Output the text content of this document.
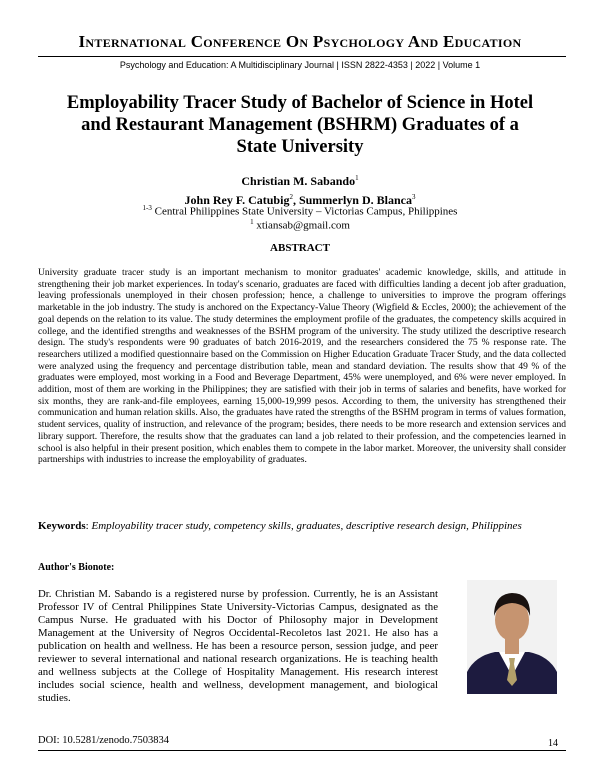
International Conference On Psychology And Education
Psychology and Education: A Multidisciplinary Journal | ISSN 2822-4353 | 2022 | Volume 1
Employability Tracer Study of Bachelor of Science in Hotel and Restaurant Management (BSHRM) Graduates of a State University
Christian M. Sabando$^1$
John Rey F. Catubig$^2$, Summerlyn D. Blanca$^3$
$^{1-3}$ Central Philippines State University – Victorias Campus, Philippines
$^1$ xtiansab@gmail.com
ABSTRACT

University graduate tracer study is an important mechanism to monitor graduates' academic knowledge, skills, and attitude in strengthening their job market experiences. In today's scenario, graduates are faced with difficulties landing a decent job after graduation, leaving professionals unemployed in their chosen profession; hence, a challenge to universities to improve the program offerings marketable in the job industry. The study is anchored on the Expectancy-Value Theory (Wigfield & Eccles, 2000); the achievement of the goal depends on the relation to its value. The study determines the employment profile of the graduates, the competency skills acquired in college, and the identified strengths and weaknesses of the BSHM program of the university. The study utilized the descriptive research design. The study's respondents were 90 graduates of batch 2016-2019, and the researchers considered the 75 % response rate. The researchers utilized a modified questionnaire based on the Commission on Higher Education Graduate Tracer Study, and the data collected were analyzed using the frequency and percentage distribution table, mean and standard deviation. The results show that 49 % of the graduates were employed, most working in a Food and Beverage Department, 45% were unemployed, and 6% were never employed. In addition, most of them are working in the Philippines; they are satisfied with their job in terms of salaries and benefits, have worked for six months, they are rank-and-file employees, earning 15,000-19,999 pesos. According to them, the university has strengthened their communication and human relation skills. Also, the graduates have rated the strengths of the BSHM program in terms of values formation, student services, quality of instruction, and relevance of the program; besides, there needs to be more research and extension services and library support. Therefore, the results show that the graduates can land a job related to their profession, and the competencies learned in school is also helpful in their present position, which enables them to compete in the labor market. Moreover, the university shall consider partnerships with industries to increase the employability of graduates.

Keywords: Employability tracer study, competency skills, graduates, descriptive research design, Philippines
Author's Bionote:

Dr. Christian M. Sabando is a registered nurse by profession. Currently, he is an Assistant Professor IV of Central Philippines State University-Victorias Campus, designated as the Campus Nurse. He graduated with his Doctor of Philosophy major in Development Management at the University of Negros Occidental-Recoletos last 2021. He also has a publication on health and wellness. He has been a resource person, session judge, and peer reviewer to several international and national research organizations. He is teaching health and wellness subjects at the College of Hospitality Management. His research interest includes social science, health and wellness, development management, and biological studies.

DOI: 10.5281/zenodo.7503834	14
